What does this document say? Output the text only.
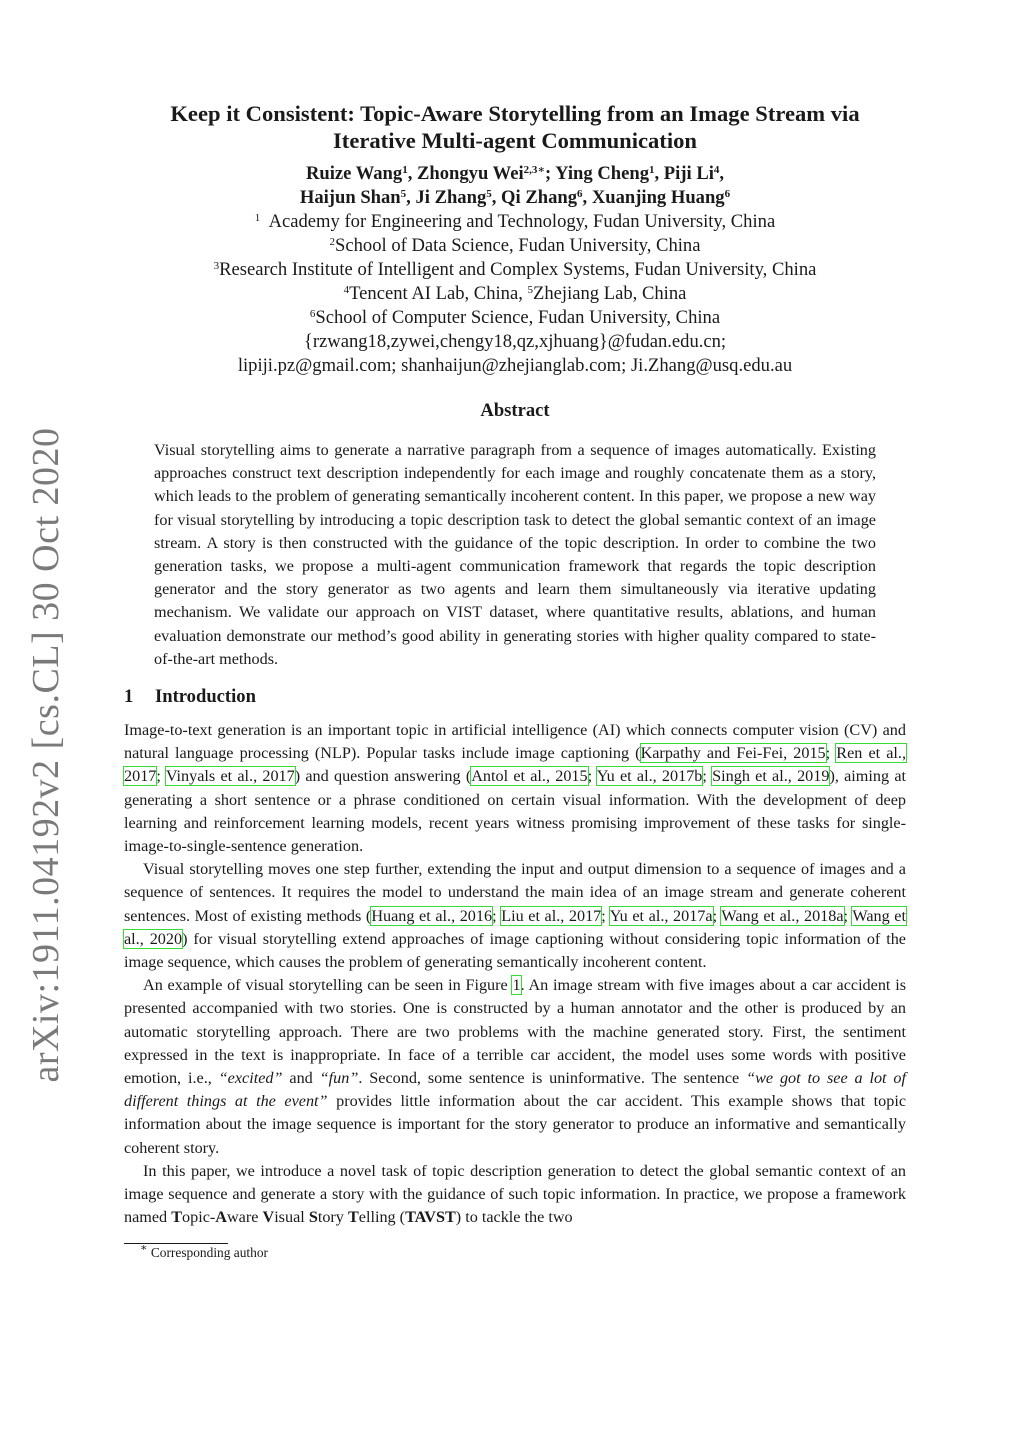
arXiv:1911.04192v2 [cs.CL] 30 Oct 2020
Keep it Consistent: Topic-Aware Storytelling from an Image Stream via
Iterative Multi-agent Communication
Ruize Wang$^1$, Zhongyu Wei$^{2,3∗}$; Ying Cheng$^1$, Piji Li$^4$,
Haijun Shan$^5$, Ji Zhang$^5$, Qi Zhang$^6$, Xuanjing Huang$^6$
$^1$ Academy for Engineering and Technology, Fudan University, China
$^2$School of Data Science, Fudan University, China
$^3$Research Institute of Intelligent and Complex Systems, Fudan University, China
$^4$Tencent AI Lab, China, $^5$Zhejiang Lab, China
$^6$School of Computer Science, Fudan University, China
{rzwang18,zywei,chengy18,qz,xjhuang}@fudan.edu.cn;
lipiji.pz@gmail.com; shanhaijun@zhejianglab.com; Ji.Zhang@usq.edu.au
Abstract
Visual storytelling aims to generate a narrative paragraph from a sequence of images automatically. Existing approaches construct text description independently for each image and roughly concatenate them as a story, which leads to the problem of generating semantically incoherent content. In this paper, we propose a new way for visual storytelling by introducing a topic description task to detect the global semantic context of an image stream. A story is then constructed with the guidance of the topic description. In order to combine the two generation tasks, we propose a multi-agent communication framework that regards the topic description generator and the story generator as two agents and learn them simultaneously via iterative updating mechanism. We validate our approach on VIST dataset, where quantitative results, ablations, and human evaluation demonstrate our method’s good ability in generating stories with higher quality compared to state-of-the-art methods.
1 Introduction

Image-to-text generation is an important topic in artificial intelligence (AI) which connects computer vision (CV) and natural language processing (NLP). Popular tasks include image captioning (Karpathy and Fei-Fei, 2015; Ren et al., 2017; Vinyals et al., 2017) and question answering (Antol et al., 2015; Yu et al., 2017b; Singh et al., 2019), aiming at generating a short sentence or a phrase conditioned on certain visual information. With the development of deep learning and reinforcement learning models, recent years witness promising improvement of these tasks for single-image-to-single-sentence generation.

Visual storytelling moves one step further, extending the input and output dimension to a sequence of images and a sequence of sentences. It requires the model to understand the main idea of an image stream and generate coherent sentences. Most of existing methods (Huang et al., 2016; Liu et al., 2017; Yu et al., 2017a; Wang et al., 2018a; Wang et al., 2020) for visual storytelling extend approaches of image captioning without considering topic information of the image sequence, which causes the problem of generating semantically incoherent content.

An example of visual storytelling can be seen in Figure 1. An image stream with five images about a car accident is presented accompanied with two stories. One is constructed by a human annotator and the other is produced by an automatic storytelling approach. There are two problems with the machine generated story. First, the sentiment expressed in the text is inappropriate. In face of a terrible car accident, the model uses some words with positive emotion, i.e., “excited” and “fun”. Second, some sentence is uninformative. The sentence “we got to see a lot of different things at the event” provides little information about the car accident. This example shows that topic information about the image sequence is important for the story generator to produce an informative and semantically coherent story.

In this paper, we introduce a novel task of topic description generation to detect the global semantic context of an image sequence and generate a story with the guidance of such topic information. In practice, we propose a framework named Topic-Aware Visual Story Telling (TAVST) to tackle the two

∗ Corresponding author
